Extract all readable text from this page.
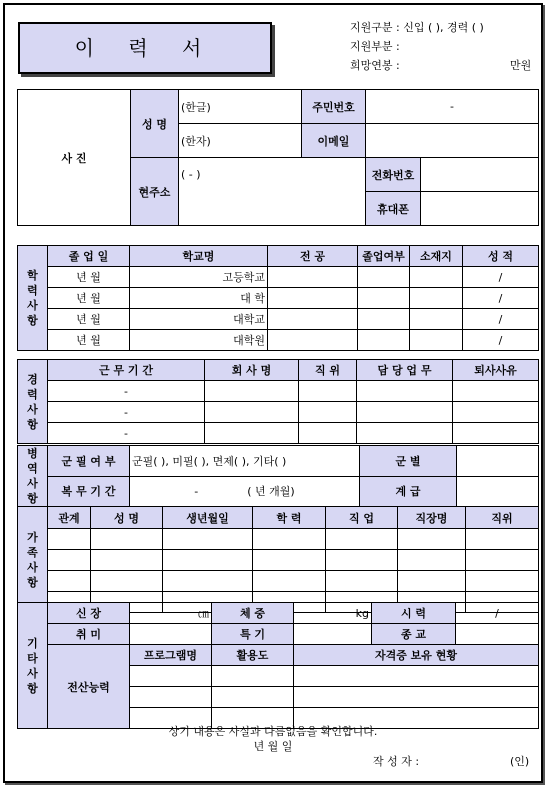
이 력 서
지원구분 : 신입 ( ), 경력 ( )
지원부분 :
희망연봉 :	만원
사 진	성 명	(한글)	주민번호	-	
		(한자)	이메일		
	현주소	( - )		전화번호	
				휴대폰	
학
력
사
항	졸 업 일	학교명	전 공	졸업여부	소재지	성 적
	년 월	고등학교				/
	년 월	대 학				/
	년 월	대학교				/
	년 월	대학원				/
경
력
사
항	근 무 기 간	회 사 명	직 위	담 당 업 무	퇴사사유
	-				
	-				
	-				
병
역
사
항	군 필 여 부	군필( ), 미필( ), 면제( ), 기타( )	군 별	
	복 무 기 간	- ( 년 개월)	계 급	
가
족
사
항	관계	성 명	생년월일	학 력	직 업	직장명	직위

기
타
사
항	신 장	㎝	체 중	kg	시 력	/
	취 미		특 기		종 교	
	전산능력	프로그램명	활용도	자격증 보유 현황		

상기 내용은 사실과 다름없음을 확인합니다.
년 월 일
작 성 자 :	(인)
